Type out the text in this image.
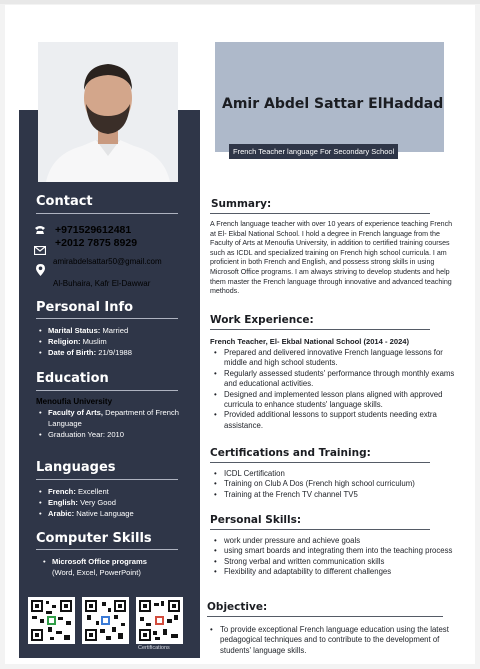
Contact
+971529612481
+2012 7875 8929
amirabdelsattar50@gmail.com
Al-Buhaira, Kafr El-Dawwar
Personal Info
• Marital Status: Married
• Religion: Muslim
• Date of Birth: 21/9/1988
Education
Menoufia University
• Faculty of Arts, Department of French Language
• Graduation Year: 2010
Languages
• French: Excellent
• English: Very Good
• Arabic: Native Language
Computer Skills
• Microsoft Office programs
(Word, Excel, PowerPoint)
Certifications
Amir Abdel Sattar ElHaddad
French Teacher language For Secondary School
Summary:
A French language teacher with over 10 years of experience teaching French at El- Ekbal National School. I hold a degree in French language from the Faculty of Arts at Menoufia University, in addition to certified training courses such as ICDL and specialized training on French high school curricula. I am proficient in both French and English, and possess strong skills in using Microsoft Office programs. I am always striving to develop students and help them master the French language through innovative and advanced teaching methods.
Work Experience:
French Teacher, El- Ekbal National School (2014 - 2024)
• Prepared and delivered innovative French language lessons for middle and high school students.
• Regularly assessed students' performance through monthly exams and educational activities.
• Designed and implemented lesson plans aligned with approved curricula to enhance students' language skills.
• Provided additional lessons to support students needing extra assistance.
Certifications and Training:
• ICDL Certification
• Training on Club A Dos (French high school curriculum)
• Training at the French TV channel TV5
Personal Skills:
• work under pressure and achieve goals
• using smart boards and integrating them into the teaching process
• Strong verbal and written communication skills
• Flexibility and adaptability to different challenges
Objective:
• To provide exceptional French language education using the latest pedagogical techniques and to contribute to the development of students' language skills.
